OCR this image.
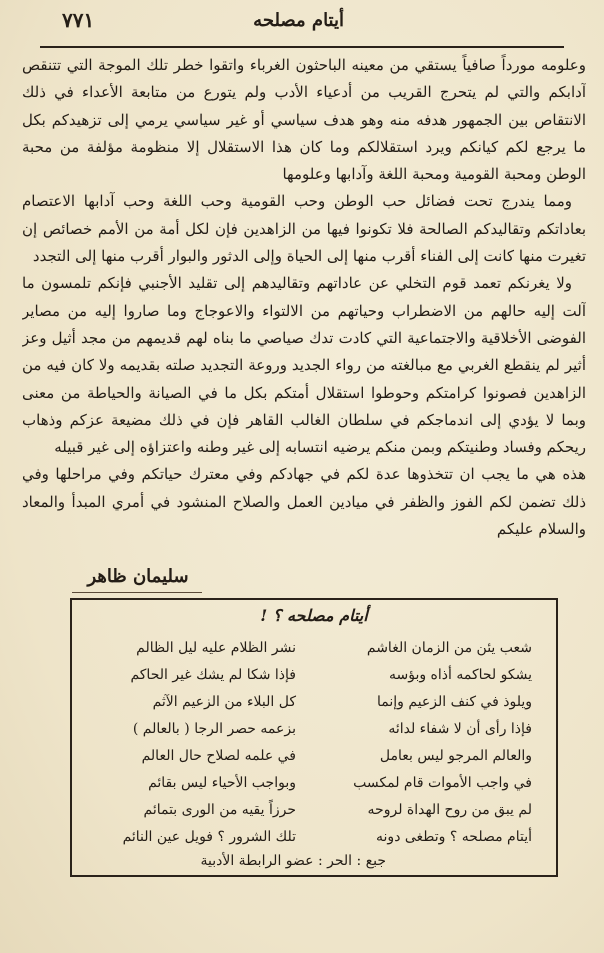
أيتام مصلحه
٧٧١

وعلومه مورداً صافياً يستقي من معينه الباحثون الغرباء واتقوا خطر تلك الموجة التي تتنقص آدابكم والتي لم يتحرج القريب من أدعياء الأدب ولم يتورع من متابعة الأعداء في ذلك الانتقاص بين الجمهور هدفه منه وهو هدف سياسي أو غير سياسي يرمي إلى تزهيدكم بكل ما يرجع لكم كيانكم ويرد استقلالكم وما كان هذا الاستقلال إلا منظومة مؤلفة من محبة الوطن ومحبة القومية ومحبة اللغة وآدابها وعلومها

ومما يندرج تحت فضائل حب الوطن وحب القومية وحب اللغة وحب آدابها الاعتصام بعاداتكم وتقاليدكم الصالحة فلا تكونوا فيها من الزاهدين فإن لكل أمة من الأمم خصائص إن تغيرت منها كانت إلى الفناء أقرب منها إلى الحياة وإلى الدثور والبوار أقرب منها إلى التجدد

ولا يغرنكم تعمد قوم التخلي عن عاداتهم وتقاليدهم إلى تقليد الأجنبي فإنكم تلمسون ما آلت إليه حالهم من الاضطراب وحياتهم من الالتواء والاعوجاج وما صاروا إليه من مصاير الفوضى الأخلاقية والاجتماعية التي كادت تدك صياصي ما بناه لهم قديمهم من مجد أثيل وعز أثير لم ينقطع الغربي مع مبالغته من رواء الجديد وروعة التجديد صلته بقديمه ولا كان فيه من الزاهدين فصونوا كرامتكم وحوطوا استقلال أمتكم بكل ما في الصيانة والحياطة من معنى وبما لا يؤدي إلى اندماجكم في سلطان الغالب القاهر فإن في ذلك مضيعة عزكم وذهاب ريحكم وفساد وطنيتكم وبمن منكم يرضيه انتسابه إلى غير وطنه واعتزاؤه إلى غير قبيله

هذه هي ما يجب ان تتخذوها عدة لكم في جهادكم وفي معترك حياتكم وفي مراحلها وفي ذلك تضمن لكم الفوز والظفر في ميادين العمل والصلاح المنشود في أمري المبدأ والمعاد والسلام عليكم

سليمان ظاهر
أيتام مصلحه ؟ !
شعب يئن من الزمان الغاشم	نشر الظلام عليه ليل الظالم
يشكو لحاكمه أذاه وبؤسه	فإذا شكا لم يشك غير الحاكم
ويلوذ في كنف الزعيم وإنما	كل البلاء من الزعيم الآثم
فإذا رأى أن لا شفاء لدائه	بزعمه حصر الرجا ( بالعالم )
والعالم المرجو ليس بعامل	في علمه لصلاح حال العالم
في واجب الأموات قام لمكسب	وبواجب الأحياء ليس بقائم
لم يبق من روح الهداة لروحه	حرزاً يقيه من الورى بتمائم
أيتام مصلحه ؟ وتطغى دونه	تلك الشرور ؟ فويل عين النائم
جبع : الحر : عضو الرابطة الأدبية
